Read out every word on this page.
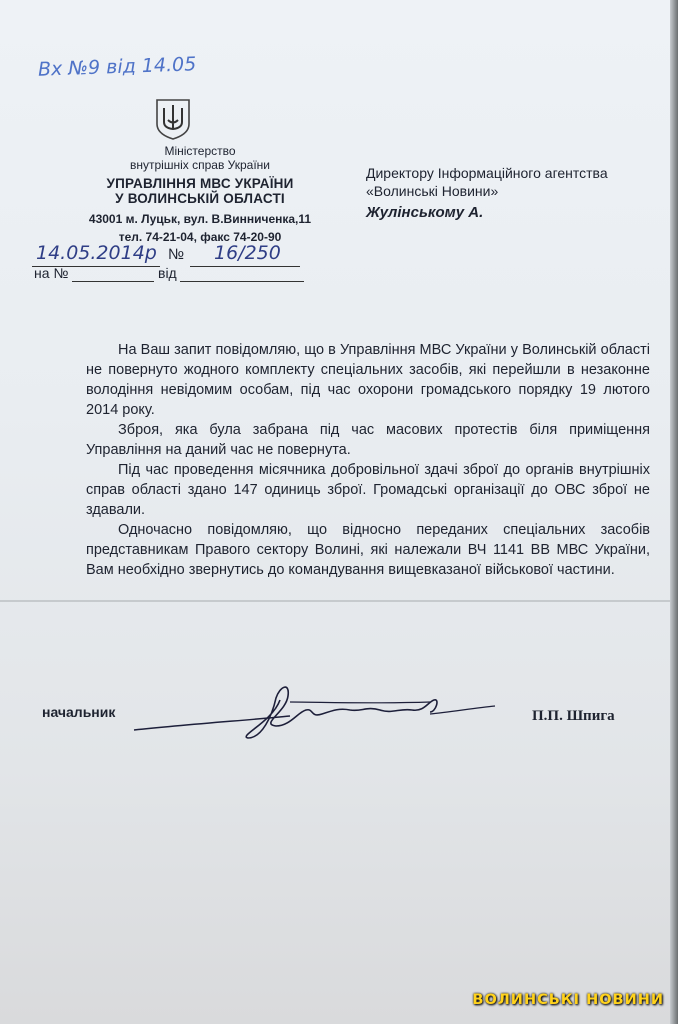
Вх №9 від 14.05
Міністерство
внутрішніх справ України
УПРАВЛІННЯ МВС УКРАЇНИ
У ВОЛИНСЬКІЙ ОБЛАСТІ
43001 м. Луцьк, вул. В.Винниченка,11
тел. 74-21-04, факс 74-20-90
14.05.2014р № 16/250
на №	від
Директору Інформаційного агентства
«Волинські Новини»
Жулінському А.

На Ваш запит повідомляю, що в Управління МВС України у Волинській області не повернуто жодного комплекту спеціальних засобів, які перейшли в незаконне володіння невідомим особам, під час охорони громадського порядку 19 лютого 2014 року.

Зброя, яка була забрана під час масових протестів біля приміщення Управління на даний час не повернута.

Під час проведення місячника добровільної здачі зброї до органів внутрішніх справ області здано 147 одиниць зброї. Громадські організації до ОВС зброї не здавали.

Одночасно повідомляю, що відносно переданих спеціальних засобів представникам Правого сектору Волині, які належали ВЧ 1141 ВВ МВС України, Вам необхідно звернутись до командування вищевказаної військової частини.

начальник	П.П. Шпига
ВОЛИНСЬКІ НОВИНИ
